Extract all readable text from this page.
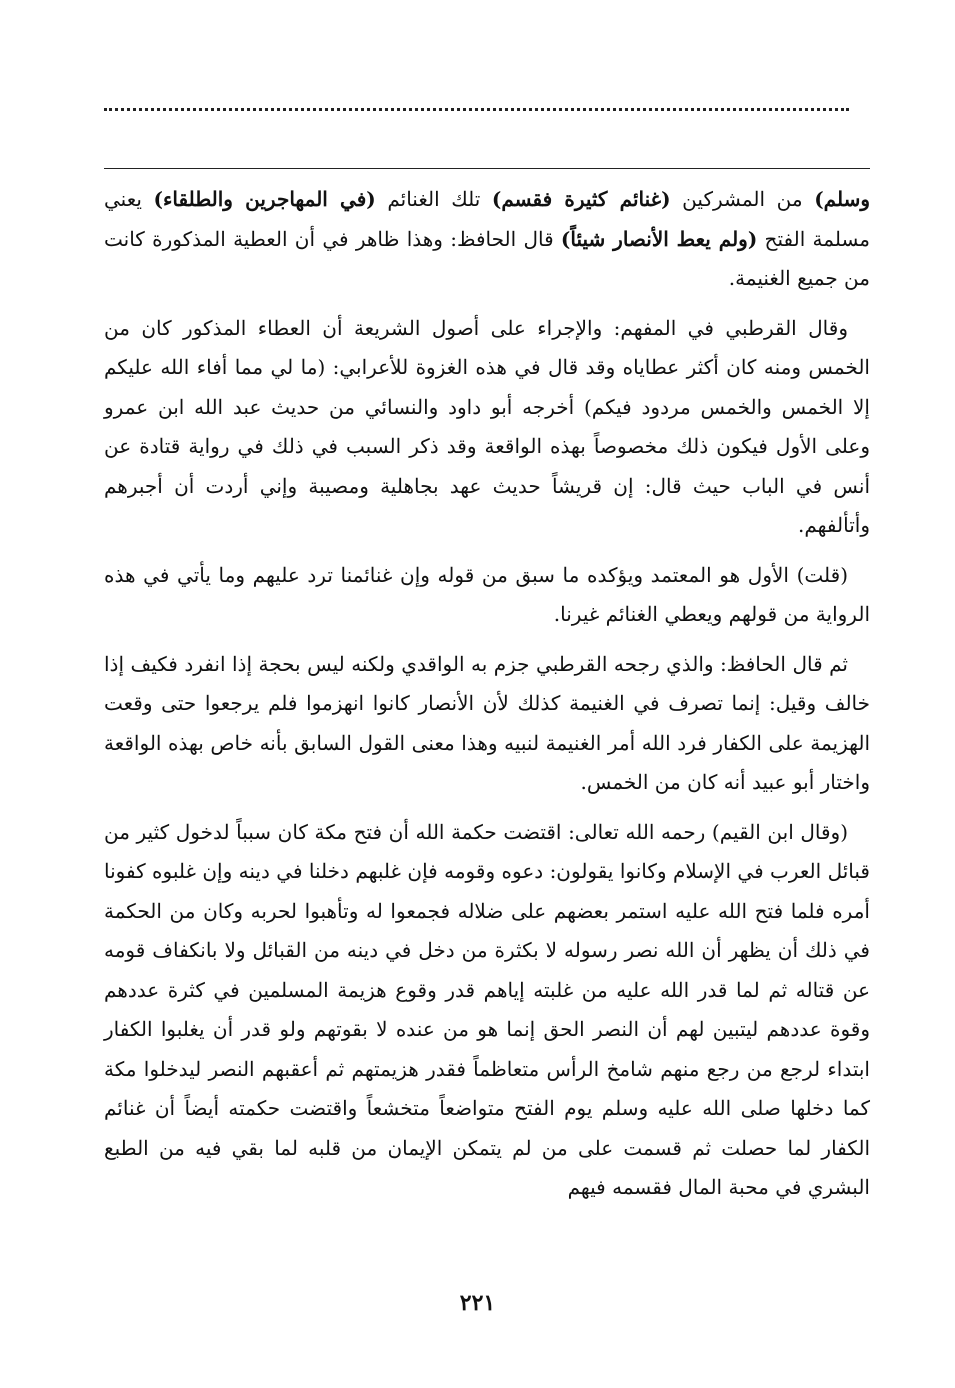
وسلم) من المشركين (غنائم كثيرة فقسم) تلك الغنائم (في المهاجرين والطلقاء) يعني مسلمة الفتح (ولم يعط الأنصار شيئاً) قال الحافظ: وهذا ظاهر في أن العطية المذكورة كانت من جميع الغنيمة.

وقال القرطبي في المفهم: والإجراء على أصول الشريعة أن العطاء المذكور كان من الخمس ومنه كان أكثر عطاياه وقد قال في هذه الغزوة للأعرابي: (ما لي مما أفاء الله عليكم إلا الخمس والخمس مردود فيكم) أخرجه أبو داود والنسائي من حديث عبد الله ابن عمرو وعلى الأول فيكون ذلك مخصوصاً بهذه الواقعة وقد ذكر السبب في ذلك في رواية قتادة عن أنس في الباب حيث قال: إن قريشاً حديث عهد بجاهلية ومصيبة وإني أردت أن أجبرهم وأتألفهم.

(قلت) الأول هو المعتمد ويؤكده ما سبق من قوله وإن غنائمنا ترد عليهم وما يأتي في هذه الرواية من قولهم ويعطي الغنائم غيرنا.

ثم قال الحافظ: والذي رجحه القرطبي جزم به الواقدي ولكنه ليس بحجة إذا انفرد فكيف إذا خالف وقيل: إنما تصرف في الغنيمة كذلك لأن الأنصار كانوا انهزموا فلم يرجعوا حتى وقعت الهزيمة على الكفار فرد الله أمر الغنيمة لنبيه وهذا معنى القول السابق بأنه خاص بهذه الواقعة واختار أبو عبيد أنه كان من الخمس.

(وقال ابن القيم) رحمه الله تعالى: اقتضت حكمة الله أن فتح مكة كان سبباً لدخول كثير من قبائل العرب في الإسلام وكانوا يقولون: دعوه وقومه فإن غلبهم دخلنا في دينه وإن غلبوه كفونا أمره فلما فتح الله عليه استمر بعضهم على ضلاله فجمعوا له وتأهبوا لحربه وكان من الحكمة في ذلك أن يظهر أن الله نصر رسوله لا بكثرة من دخل في دينه من القبائل ولا بانكفاف قومه عن قتاله ثم لما قدر الله عليه من غلبته إياهم قدر وقوع هزيمة المسلمين في كثرة عددهم وقوة عددهم ليتبين لهم أن النصر الحق إنما هو من عنده لا بقوتهم ولو قدر أن يغلبوا الكفار ابتداء لرجع من رجع منهم شامخ الرأس متعاظماً فقدر هزيمتهم ثم أعقبهم النصر ليدخلوا مكة كما دخلها صلى الله عليه وسلم يوم الفتح متواضعاً متخشعاً واقتضت حكمته أيضاً أن غنائم الكفار لما حصلت ثم قسمت على من لم يتمكن الإيمان من قلبه لما بقي فيه من الطبع البشري في محبة المال فقسمه فيهم

٢٢١
